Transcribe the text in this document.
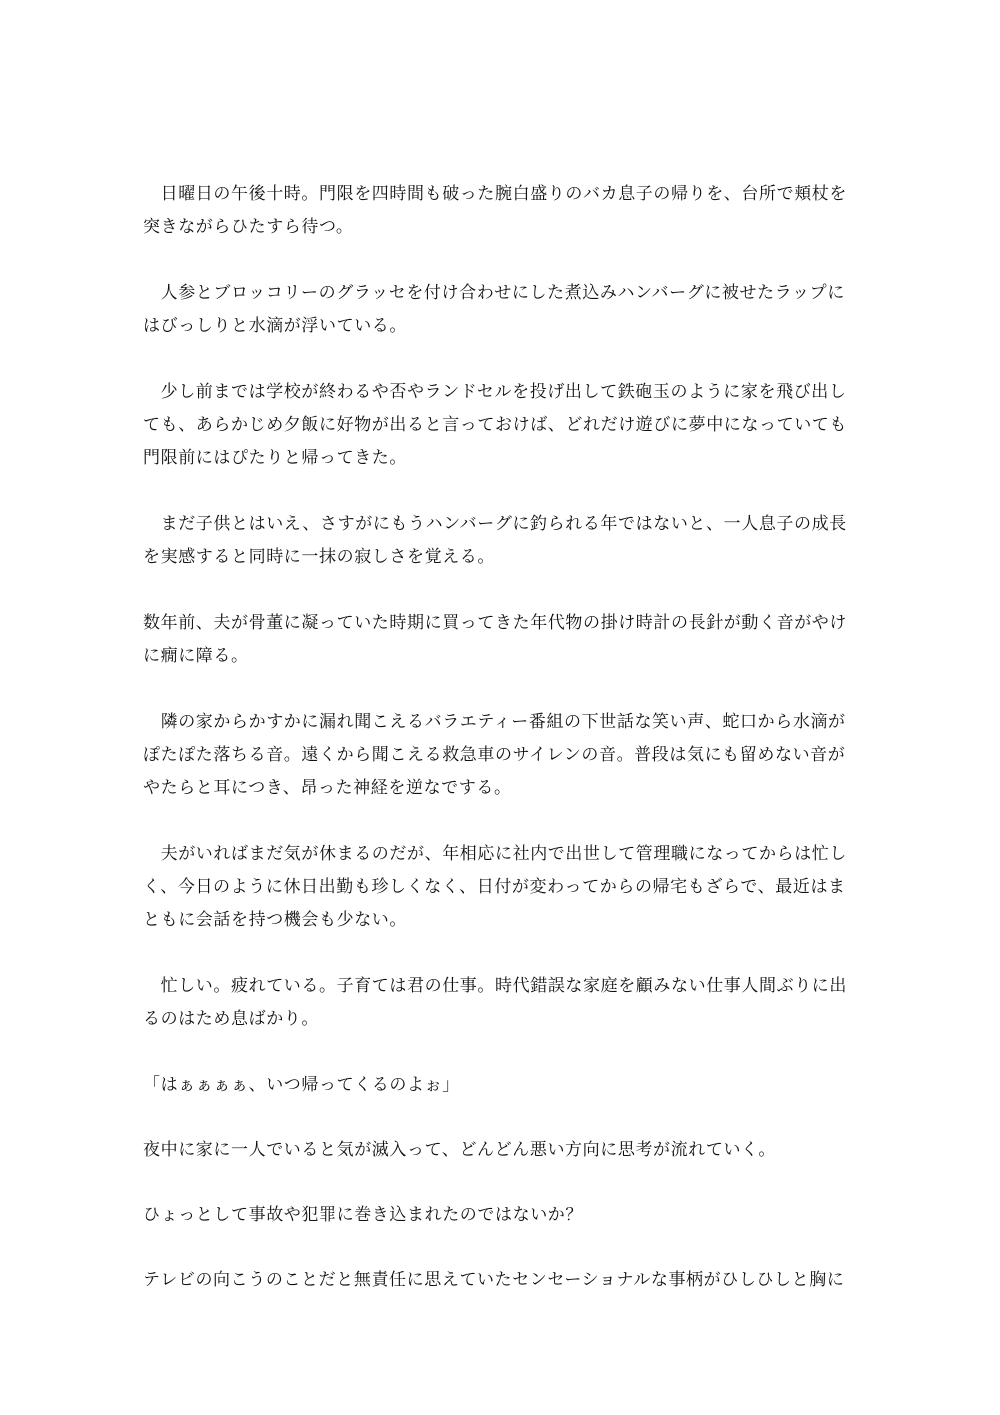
　日曜日の午後十時。門限を四時間も破った腕白盛りのバカ息子の帰りを、台所で頬杖を突きながらひたすら待つ。

　人参とブロッコリーのグラッセを付け合わせにした煮込みハンバーグに被せたラップにはびっしりと水滴が浮いている。

　少し前までは学校が終わるや否やランドセルを投げ出して鉄砲玉のように家を飛び出しても、あらかじめ夕飯に好物が出ると言っておけば、どれだけ遊びに夢中になっていても門限前にはぴたりと帰ってきた。

　まだ子供とはいえ、さすがにもうハンバーグに釣られる年ではないと、一人息子の成長を実感すると同時に一抹の寂しさを覚える。

数年前、夫が骨董に凝っていた時期に買ってきた年代物の掛け時計の長針が動く音がやけに癇に障る。

　隣の家からかすかに漏れ聞こえるバラエティー番組の下世話な笑い声、蛇口から水滴がぽたぽた落ちる音。遠くから聞こえる救急車のサイレンの音。普段は気にも留めない音がやたらと耳につき、昂った神経を逆なでする。

　夫がいればまだ気が休まるのだが、年相応に社内で出世して管理職になってからは忙しく、今日のように休日出勤も珍しくなく、日付が変わってからの帰宅もざらで、最近はまともに会話を持つ機会も少ない。

　忙しい。疲れている。子育ては君の仕事。時代錯誤な家庭を顧みない仕事人間ぶりに出るのはため息ばかり。

「はぁぁぁぁ、いつ帰ってくるのよぉ」

夜中に家に一人でいると気が滅入って、どんどん悪い方向に思考が流れていく。

ひょっとして事故や犯罪に巻き込まれたのではないか？

テレビの向こうのことだと無責任に思えていたセンセーショナルな事柄がひしひしと胸に
